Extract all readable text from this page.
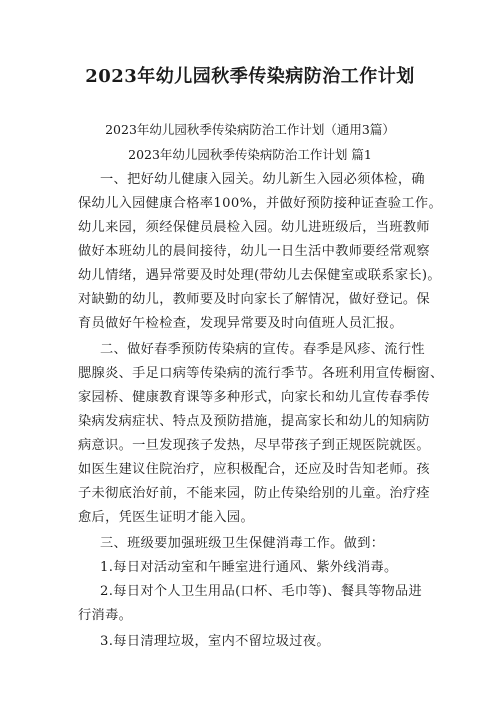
2023年幼儿园秋季传染病防治工作计划
2023年幼儿园秋季传染病防治工作计划（通用3篇）
2023年幼儿园秋季传染病防治工作计划 篇1
一、把好幼儿健康入园关。幼儿新生入园必须体检，确
保幼儿入园健康合格率100%，并做好预防接种证查验工作。
幼儿来园，须经保健员晨检入园。幼儿进班级后，当班教师
做好本班幼儿的晨间接待，幼儿一日生活中教师要经常观察
幼儿情绪，遇异常要及时处理(带幼儿去保健室或联系家长)。
对缺勤的幼儿，教师要及时向家长了解情况，做好登记。保
育员做好午检检查，发现异常要及时向值班人员汇报。
二、做好春季预防传染病的宣传。春季是风疹、流行性
腮腺炎、手足口病等传染病的流行季节。各班利用宣传橱窗、
家园桥、健康教育课等多种形式，向家长和幼儿宣传春季传
染病发病症状、特点及预防措施，提高家长和幼儿的知病防
病意识。一旦发现孩子发热，尽早带孩子到正规医院就医。
如医生建议住院治疗，应积极配合，还应及时告知老师。孩
子未彻底治好前，不能来园，防止传染给别的儿童。治疗痊
愈后，凭医生证明才能入园。
三、班级要加强班级卫生保健消毒工作。做到：
1.每日对活动室和午睡室进行通风、紫外线消毒。
2.每日对个人卫生用品(口杯、毛巾等)、餐具等物品进
行消毒。
3.每日清理垃圾，室内不留垃圾过夜。
